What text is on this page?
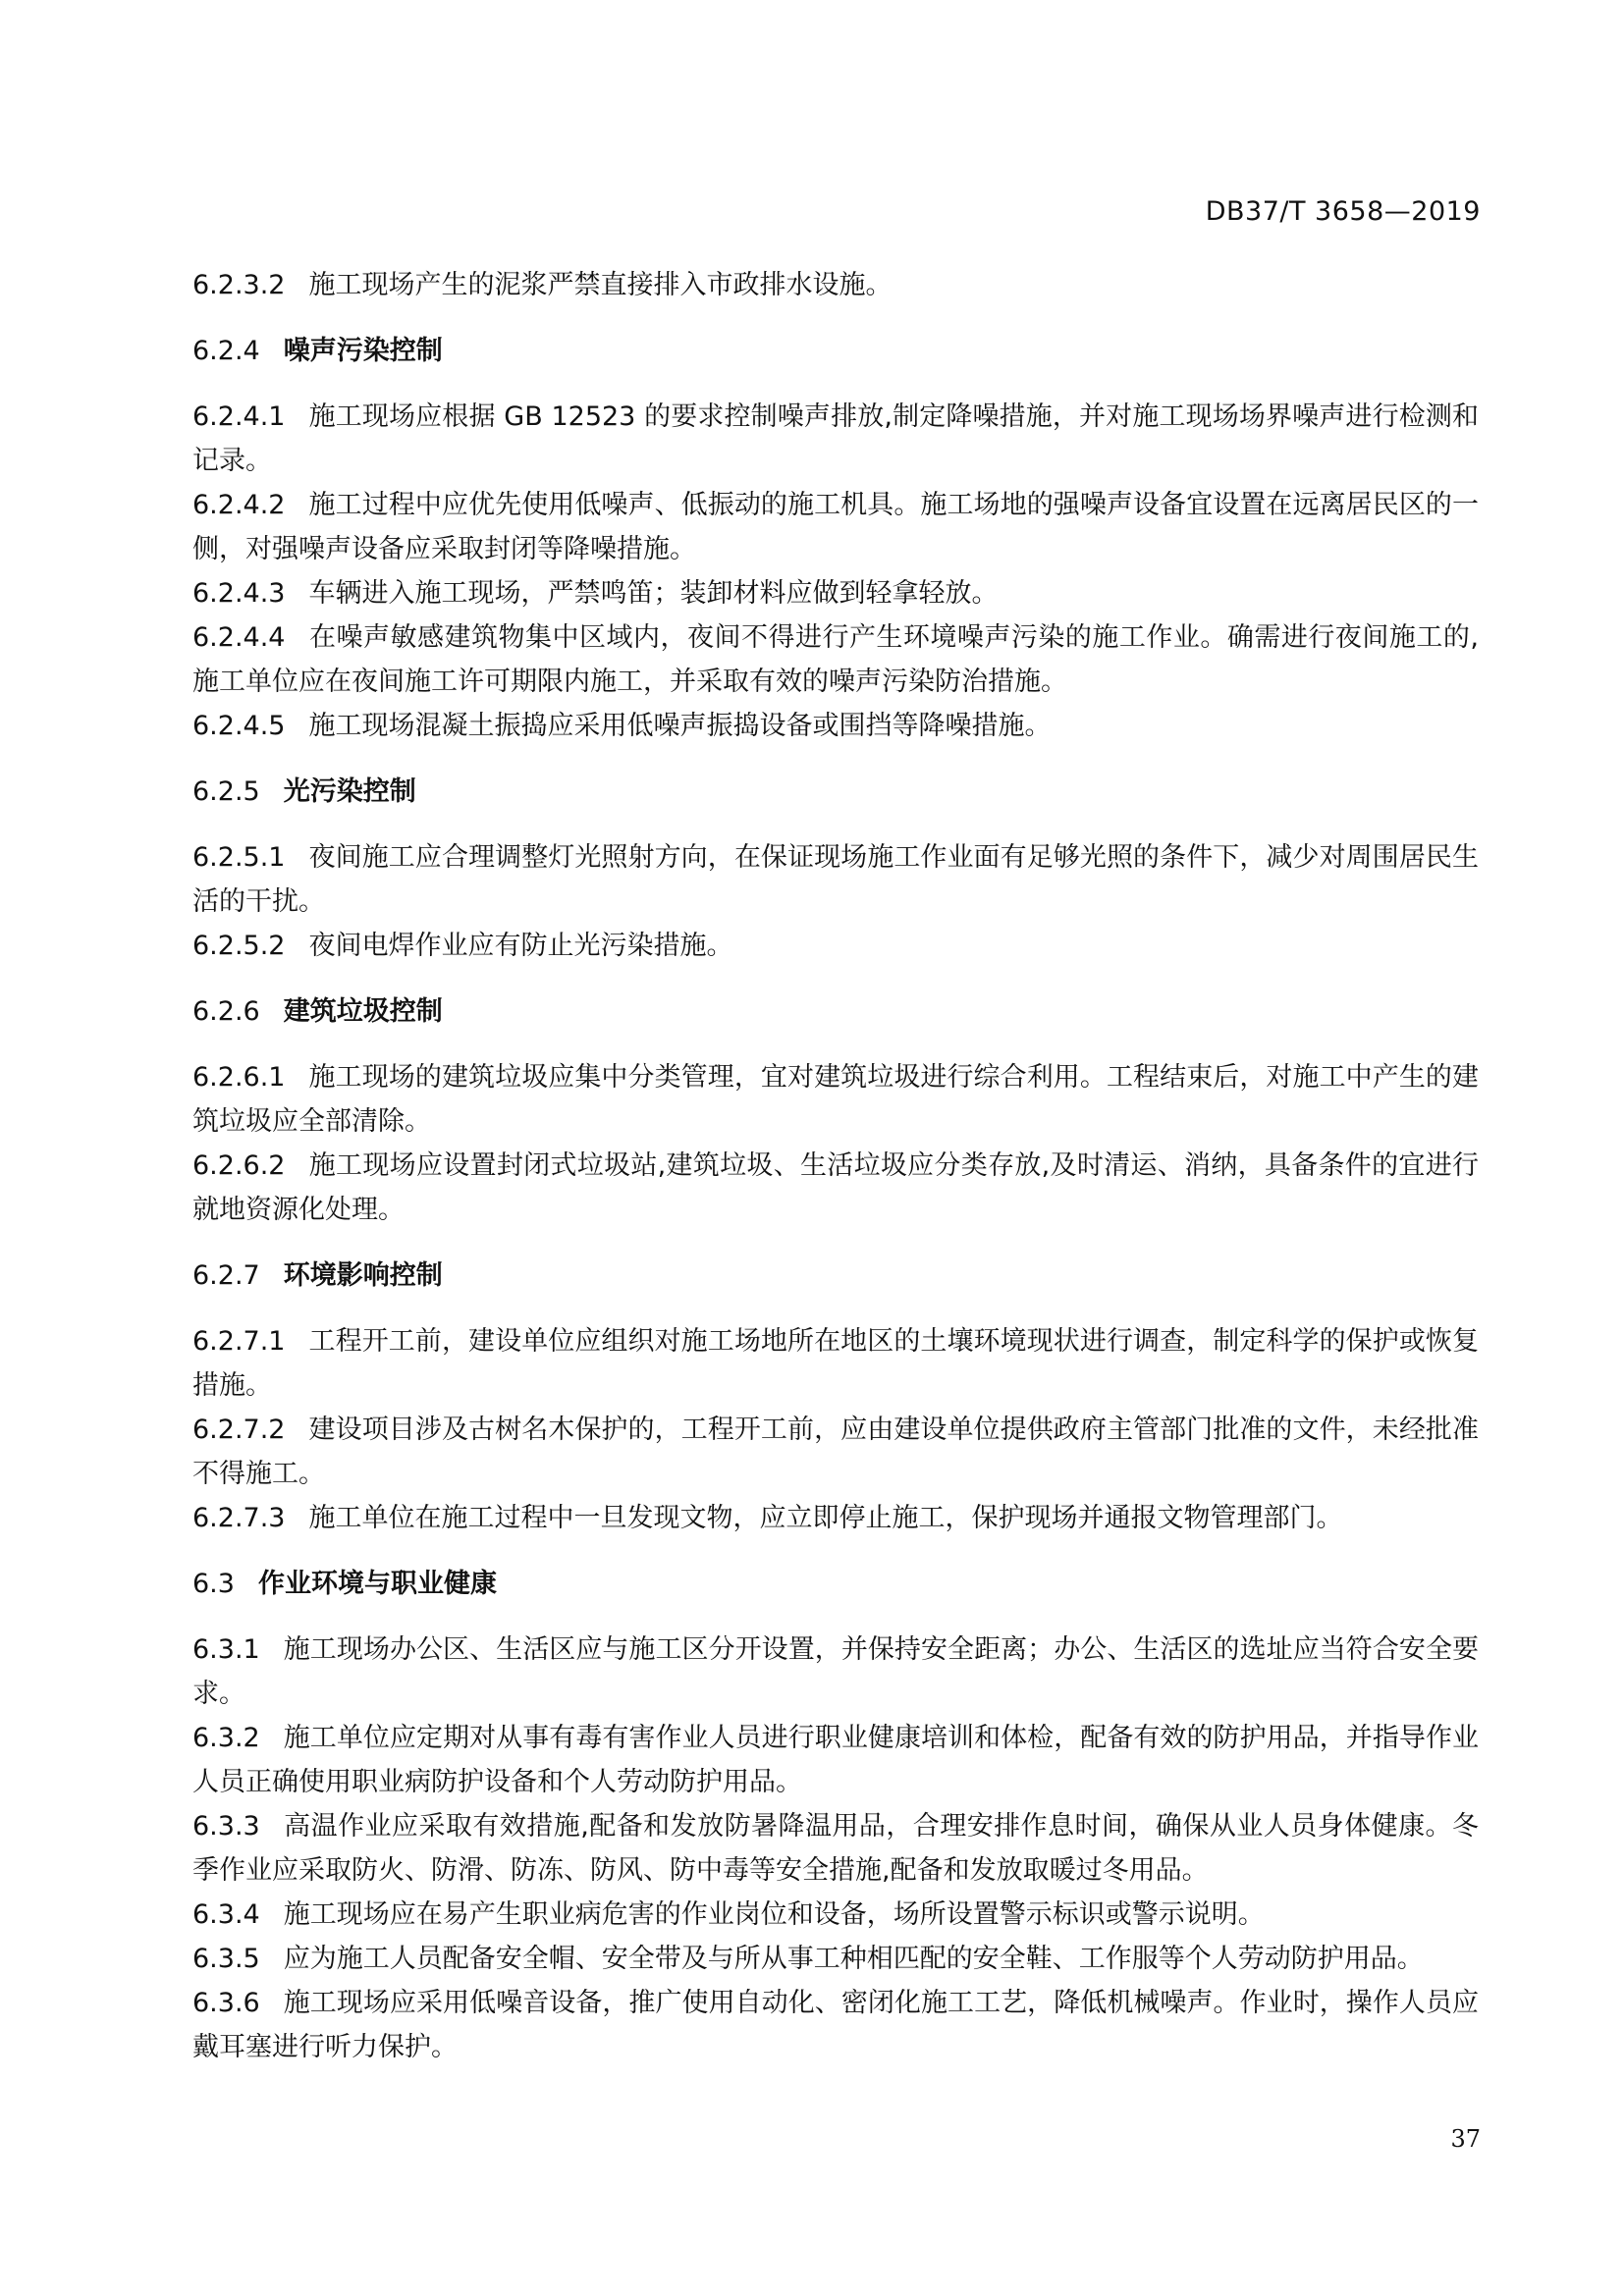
DB37/T 3658—2019

6.2.3.2 施工现场产生的泥浆严禁直接排入市政排水设施。

6.2.4 噪声污染控制

6.2.4.1 施工现场应根据 GB 12523 的要求控制噪声排放,制定降噪措施，并对施工现场场界噪声进行检测和记录。

6.2.4.2 施工过程中应优先使用低噪声、低振动的施工机具。施工场地的强噪声设备宜设置在远离居民区的一侧，对强噪声设备应采取封闭等降噪措施。

6.2.4.3 车辆进入施工现场，严禁鸣笛；装卸材料应做到轻拿轻放。

6.2.4.4 在噪声敏感建筑物集中区域内，夜间不得进行产生环境噪声污染的施工作业。确需进行夜间施工的,施工单位应在夜间施工许可期限内施工，并采取有效的噪声污染防治措施。

6.2.4.5 施工现场混凝土振捣应采用低噪声振捣设备或围挡等降噪措施。

6.2.5 光污染控制

6.2.5.1 夜间施工应合理调整灯光照射方向，在保证现场施工作业面有足够光照的条件下，减少对周围居民生活的干扰。

6.2.5.2 夜间电焊作业应有防止光污染措施。

6.2.6 建筑垃圾控制

6.2.6.1 施工现场的建筑垃圾应集中分类管理，宜对建筑垃圾进行综合利用。工程结束后，对施工中产生的建筑垃圾应全部清除。

6.2.6.2 施工现场应设置封闭式垃圾站,建筑垃圾、生活垃圾应分类存放,及时清运、消纳，具备条件的宜进行就地资源化处理。

6.2.7 环境影响控制

6.2.7.1 工程开工前，建设单位应组织对施工场地所在地区的土壤环境现状进行调查，制定科学的保护或恢复措施。

6.2.7.2 建设项目涉及古树名木保护的，工程开工前，应由建设单位提供政府主管部门批准的文件，未经批准不得施工。

6.2.7.3 施工单位在施工过程中一旦发现文物，应立即停止施工，保护现场并通报文物管理部门。

6.3 作业环境与职业健康

6.3.1 施工现场办公区、生活区应与施工区分开设置，并保持安全距离；办公、生活区的选址应当符合安全要求。

6.3.2 施工单位应定期对从事有毒有害作业人员进行职业健康培训和体检，配备有效的防护用品，并指导作业人员正确使用职业病防护设备和个人劳动防护用品。

6.3.3 高温作业应采取有效措施,配备和发放防暑降温用品，合理安排作息时间，确保从业人员身体健康。冬季作业应采取防火、防滑、防冻、防风、防中毒等安全措施,配备和发放取暖过冬用品。

6.3.4 施工现场应在易产生职业病危害的作业岗位和设备，场所设置警示标识或警示说明。

6.3.5 应为施工人员配备安全帽、安全带及与所从事工种相匹配的安全鞋、工作服等个人劳动防护用品。

6.3.6 施工现场应采用低噪音设备，推广使用自动化、密闭化施工工艺，降低机械噪声。作业时，操作人员应戴耳塞进行听力保护。

37
